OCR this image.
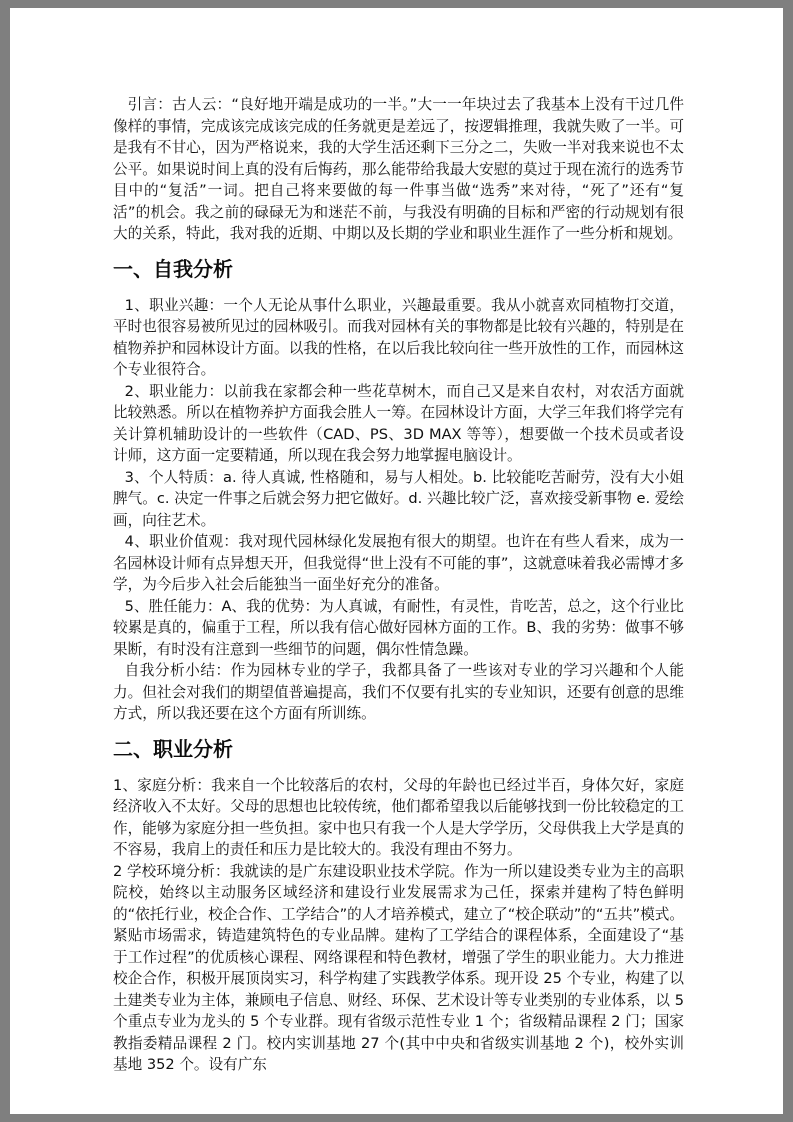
引言：古人云：“良好地开端是成功的一半。”大一一年块过去了我基本上没有干过几件像样的事情，完成该完成该完成的任务就更是差远了，按逻辑推理，我就失败了一半。可是我有不甘心，因为严格说来，我的大学生活还剩下三分之二，失败一半对我来说也不太公平。如果说时间上真的没有后悔药，那么能带给我最大安慰的莫过于现在流行的选秀节目中的“复活”一词。把自己将来要做的每一件事当做“选秀”来对待，“死了”还有“复活”的机会。我之前的碌碌无为和迷茫不前，与我没有明确的目标和严密的行动规划有很大的关系，特此，我对我的近期、中期以及长期的学业和职业生涯作了一些分析和规划。

一、自我分析

1、职业兴趣：一个人无论从事什么职业，兴趣最重要。我从小就喜欢同植物打交道，平时也很容易被所见过的园林吸引。而我对园林有关的事物都是比较有兴趣的，特别是在植物养护和园林设计方面。以我的性格，在以后我比较向往一些开放性的工作，而园林这个专业很符合。

2、职业能力：以前我在家都会种一些花草树木，而自己又是来自农村，对农活方面就比较熟悉。所以在植物养护方面我会胜人一筹。在园林设计方面，大学三年我们将学完有关计算机辅助设计的一些软件（CAD、PS、3D MAX 等等），想要做一个技术员或者设计师，这方面一定要精通，所以现在我会努力地掌握电脑设计。

3、个人特质：a. 待人真诚, 性格随和，易与人相处。b. 比较能吃苦耐劳，没有大小姐脾气。c. 决定一件事之后就会努力把它做好。d. 兴趣比较广泛，喜欢接受新事物 e. 爱绘画，向往艺术。

4、职业价值观：我对现代园林绿化发展抱有很大的期望。也许在有些人看来，成为一名园林设计师有点异想天开，但我觉得“世上没有不可能的事”，这就意味着我必需博才多学，为今后步入社会后能独当一面坐好充分的准备。

5、胜任能力：A、我的优势：为人真诚，有耐性，有灵性，肯吃苦，总之，这个行业比较累是真的，偏重于工程，所以我有信心做好园林方面的工作。B、我的劣势：做事不够果断，有时没有注意到一些细节的问题，偶尔性情急躁。

自我分析小结：作为园林专业的学子，我都具备了一些该对专业的学习兴趣和个人能力。但社会对我们的期望值普遍提高，我们不仅要有扎实的专业知识，还要有创意的思维方式，所以我还要在这个方面有所训练。

二、职业分析

1、家庭分析：我来自一个比较落后的农村，父母的年龄也已经过半百，身体欠好，家庭经济收入不太好。父母的思想也比较传统，他们都希望我以后能够找到一份比较稳定的工作，能够为家庭分担一些负担。家中也只有我一个人是大学学历，父母供我上大学是真的不容易，我肩上的责任和压力是比较大的。我没有理由不努力。

2 学校环境分析：我就读的是广东建设职业技术学院。作为一所以建设类专业为主的高职院校，始终以主动服务区域经济和建设行业发展需求为己任，探索并建构了特色鲜明的“依托行业，校企合作、工学结合”的人才培养模式，建立了“校企联动”的“五共”模式。紧贴市场需求，铸造建筑特色的专业品牌。建构了工学结合的课程体系，全面建设了“基于工作过程”的优质核心课程、网络课程和特色教材，增强了学生的职业能力。大力推进校企合作，积极开展顶岗实习，科学构建了实践教学体系。现开设 25 个专业，构建了以土建类专业为主体，兼顾电子信息、财经、环保、艺术设计等专业类别的专业体系，以 5 个重点专业为龙头的 5 个专业群。现有省级示范性专业 1 个；省级精品课程 2 门；国家教指委精品课程 2 门。校内实训基地 27 个(其中中央和省级实训基地 2 个)，校外实训基地 352 个。设有广东
